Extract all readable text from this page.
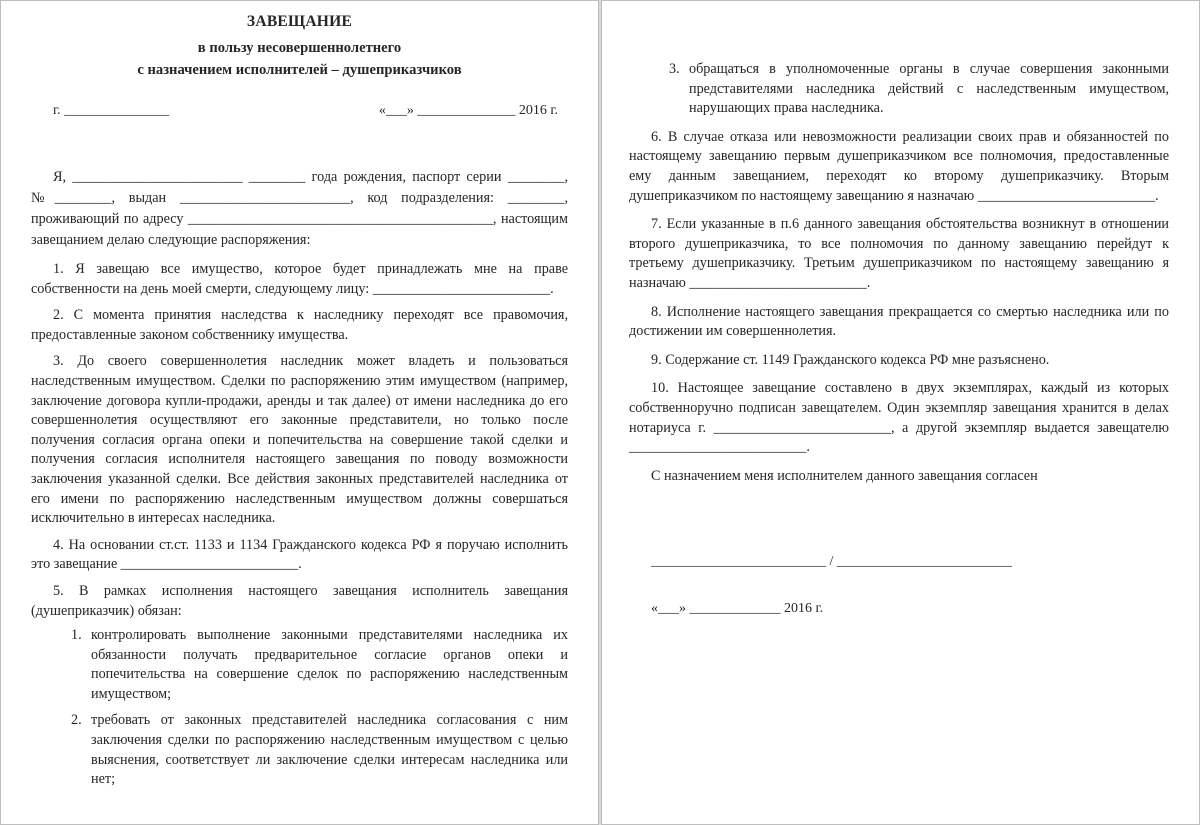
ЗАВЕЩАНИЕ
в пользу несовершеннолетнего
с назначением исполнителей – душеприказчиков
г. _______________	«___» ______________ 2016 г.

Я, ________________________ ________ года рождения, паспорт серии ________, №________, выдан ________________________, код подразделения: ________, проживающий по адресу ___________________________________________, настоящим завещанием делаю следующие распоряжения:

1. Я завещаю все имущество, которое будет принадлежать мне на праве собственности на день моей смерти, следующему лицу: _________________________.

2. С момента принятия наследства к наследнику переходят все правомочия, предоставленные законом собственнику имущества.

3. До своего совершеннолетия наследник может владеть и пользоваться наследственным имуществом. Сделки по распоряжению этим имуществом (например, заключение договора купли-продажи, аренды и так далее) от имени наследника до его совершеннолетия осуществляют его законные представители, но только после получения согласия органа опеки и попечительства на совершение такой сделки и получения согласия исполнителя настоящего завещания по поводу возможности заключения указанной сделки. Все действия законных представителей наследника от его имени по распоряжению наследственным имуществом должны совершаться исключительно в интересах наследника.

4. На основании ст.ст. 1133 и 1134 Гражданского кодекса РФ я поручаю исполнить это завещание _________________________.

5. В рамках исполнения настоящего завещания исполнитель завещания (душеприказчик) обязан:

1. контролировать выполнение законными представителями наследника их обязанности получать предварительное согласие органов опеки и попечительства на совершение сделок по распоряжению наследственным имуществом;
2. требовать от законных представителей наследника согласования с ним заключения сделки по распоряжению наследственным имуществом с целью выяснения, соответствует ли заключение сделки интересам наследника или нет;
3. обращаться в уполномоченные органы в случае совершения законными представителями наследника действий с наследственным имуществом, нарушающих права наследника.

6. В случае отказа или невозможности реализации своих прав и обязанностей по настоящему завещанию первым душеприказчиком все полномочия, предоставленные ему данным завещанием, переходят ко второму душеприказчику. Вторым душеприказчиком по настоящему завещанию я назначаю _________________________.

7. Если указанные в п.6 данного завещания обстоятельства возникнут в отношении второго душеприказчика, то все полномочия по данному завещанию перейдут к третьему душеприказчику. Третьим душеприказчиком по настоящему завещанию я назначаю _________________________.

8. Исполнение настоящего завещания прекращается со смертью наследника или по достижении им совершеннолетия.

9. Содержание ст. 1149 Гражданского кодекса РФ мне разъяснено.

10. Настоящее завещание составлено в двух экземплярах, каждый из которых собственноручно подписан завещателем. Один экземпляр завещания хранится в делах нотариуса г. _________________________, а другой экземпляр выдается завещателю _________________________.

С назначением меня исполнителем данного завещания согласен

_________________________ / _________________________
«___» _____________ 2016 г.
